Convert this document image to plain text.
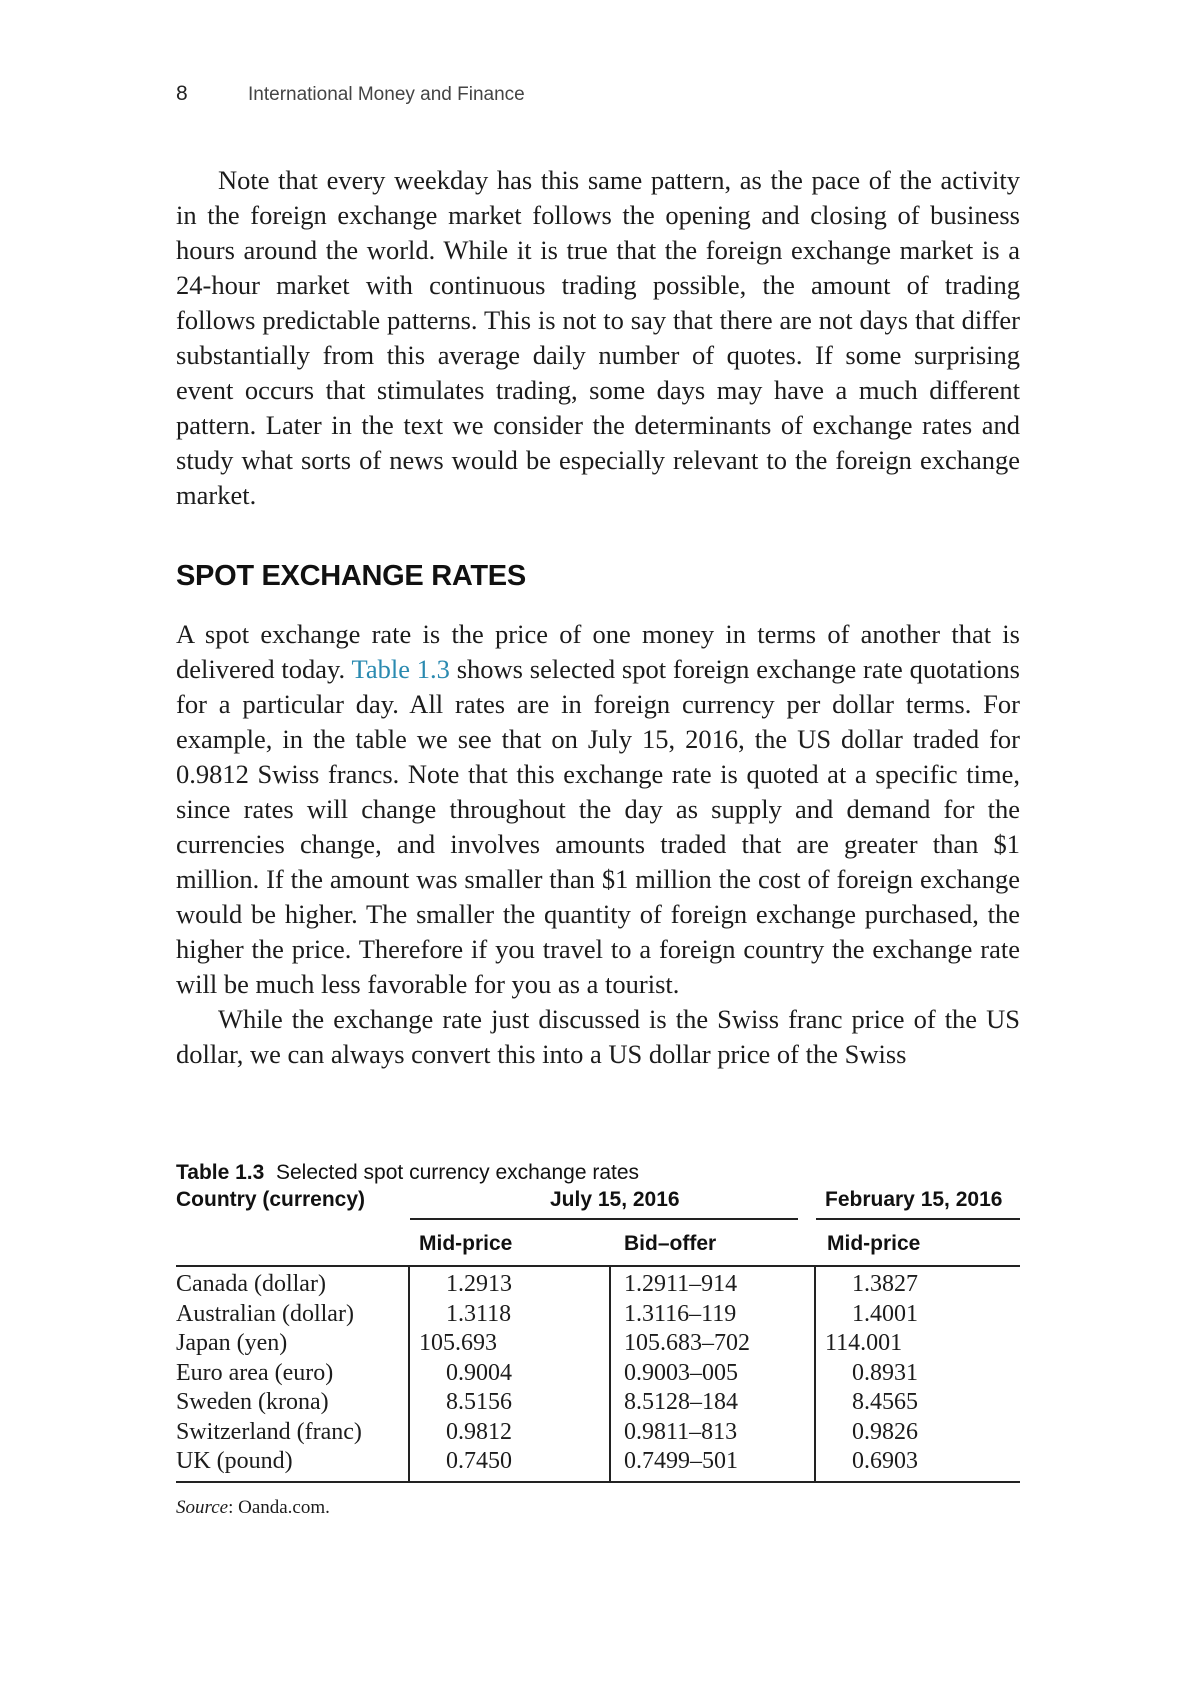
8	International Money and Finance

Note that every weekday has this same pattern, as the pace of the activity in the foreign exchange market follows the opening and closing of business hours around the world. While it is true that the foreign exchange market is a 24-hour market with continuous trading possible, the amount of trading follows predictable patterns. This is not to say that there are not days that differ substantially from this average daily number of quotes. If some surprising event occurs that stimulates trading, some days may have a much different pattern. Later in the text we consider the determinants of exchange rates and study what sorts of news would be especially relevant to the foreign exchange market.

SPOT EXCHANGE RATES

A spot exchange rate is the price of one money in terms of another that is delivered today. Table 1.3 shows selected spot foreign exchange rate quotations for a particular day. All rates are in foreign currency per dollar terms. For example, in the table we see that on July 15, 2016, the US dollar traded for 0.9812 Swiss francs. Note that this exchange rate is quoted at a specific time, since rates will change throughout the day as supply and demand for the currencies change, and involves amounts traded that are greater than $1 million. If the amount was smaller than $1 million the cost of foreign exchange would be higher. The smaller the quantity of foreign exchange purchased, the higher the price. Therefore if you travel to a foreign country the exchange rate will be much less favorable for you as a tourist.

While the exchange rate just discussed is the Swiss franc price of the US dollar, we can always convert this into a US dollar price of the Swiss

Table 1.3 Selected spot currency exchange rates
Country (currency)	July 15, 2016	February 15, 2016
Mid-price	Bid–offer	Mid-price
Canada (dollar)	1.2913	1.2911–914	1.3827
Australian (dollar)	1.3118	1.3116–119	1.4001
Japan (yen)	105.693	105.683–702	114.001
Euro area (euro)	0.9004	0.9003–005	0.8931
Sweden (krona)	8.5156	8.5128–184	8.4565
Switzerland (franc)	0.9812	0.9811–813	0.9826
UK (pound)	0.7450	0.7499–501	0.6903
Source: Oanda.com.
